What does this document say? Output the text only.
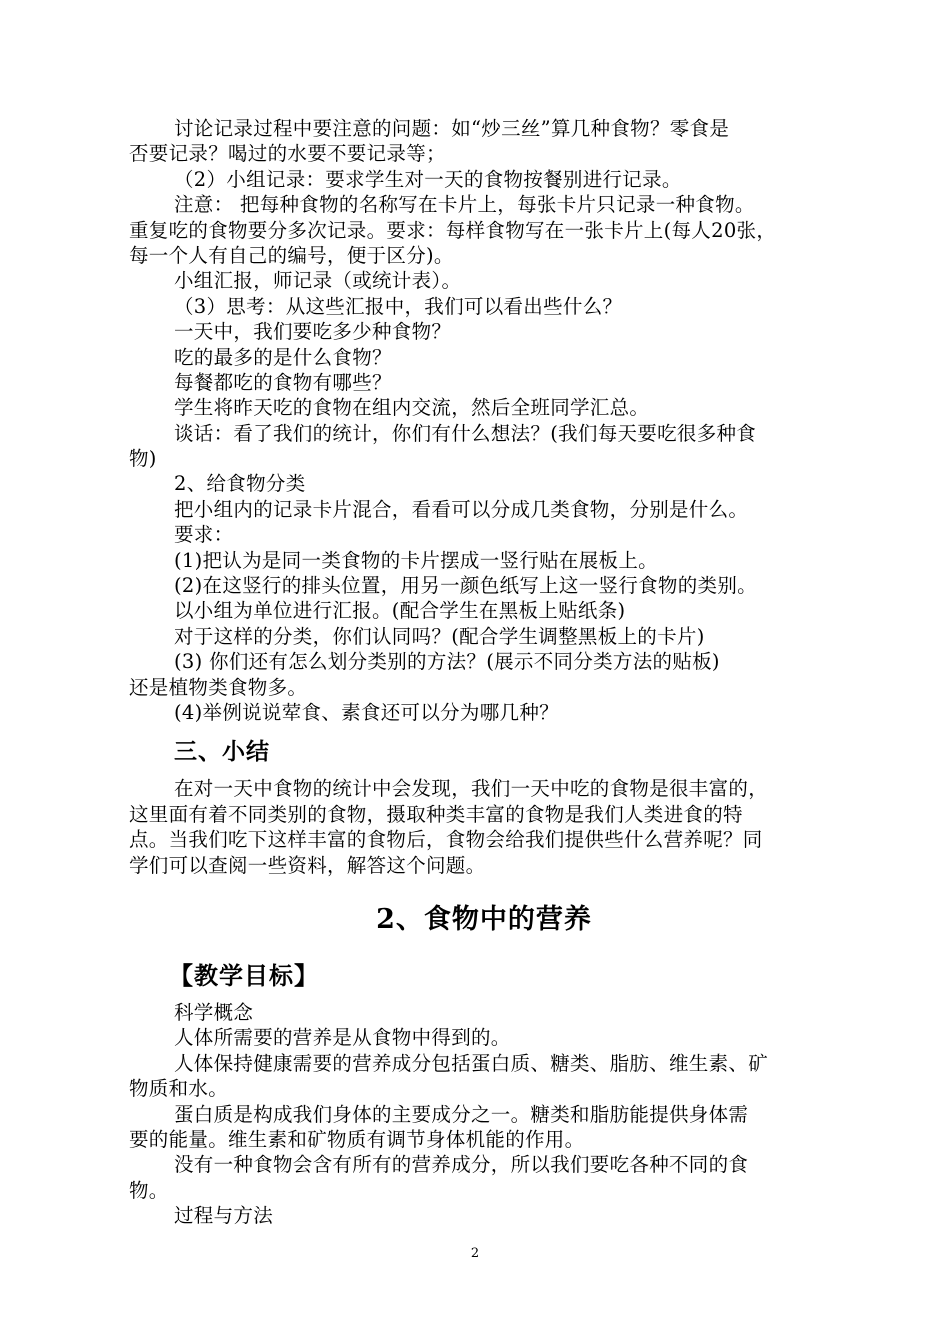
讨论记录过程中要注意的问题：如“炒三丝”算几种食物？零食是
否要记录？喝过的水要不要记录等；
（2）小组记录：要求学生对一天的食物按餐别进行记录。
注意： 把每种食物的名称写在卡片上，每张卡片只记录一种食物。
重复吃的食物要分多次记录。要求：每样食物写在一张卡片上(每人20张，
每一个人有自己的编号，便于区分)。
小组汇报，师记录（或统计表）。
（3）思考：从这些汇报中，我们可以看出些什么？
一天中，我们要吃多少种食物？
吃的最多的是什么食物？
每餐都吃的食物有哪些？
学生将昨天吃的食物在组内交流，然后全班同学汇总。
谈话：看了我们的统计，你们有什么想法？(我们每天要吃很多种食
物)
2、给食物分类
把小组内的记录卡片混合，看看可以分成几类食物，分别是什么。
要求：
(1)把认为是同一类食物的卡片摆成一竖行贴在展板上。
(2)在这竖行的排头位置，用另一颜色纸写上这一竖行食物的类别。
以小组为单位进行汇报。(配合学生在黑板上贴纸条)
对于这样的分类，你们认同吗？(配合学生调整黑板上的卡片)
(3) 你们还有怎么划分类别的方法？(展示不同分类方法的贴板)
还是植物类食物多。
(4)举例说说荤食、素食还可以分为哪几种？
三、小结
在对一天中食物的统计中会发现，我们一天中吃的食物是很丰富的，
这里面有着不同类别的食物，摄取种类丰富的食物是我们人类进食的特
点。当我们吃下这样丰富的食物后，食物会给我们提供些什么营养呢？同
学们可以查阅一些资料，解答这个问题。
2、食物中的营养
【教学目标】
科学概念
人体所需要的营养是从食物中得到的。
人体保持健康需要的营养成分包括蛋白质、糖类、脂肪、维生素、矿
物质和水。
蛋白质是构成我们身体的主要成分之一。糖类和脂肪能提供身体需
要的能量。维生素和矿物质有调节身体机能的作用。
没有一种食物会含有所有的营养成分，所以我们要吃各种不同的食
物。
过程与方法
2
